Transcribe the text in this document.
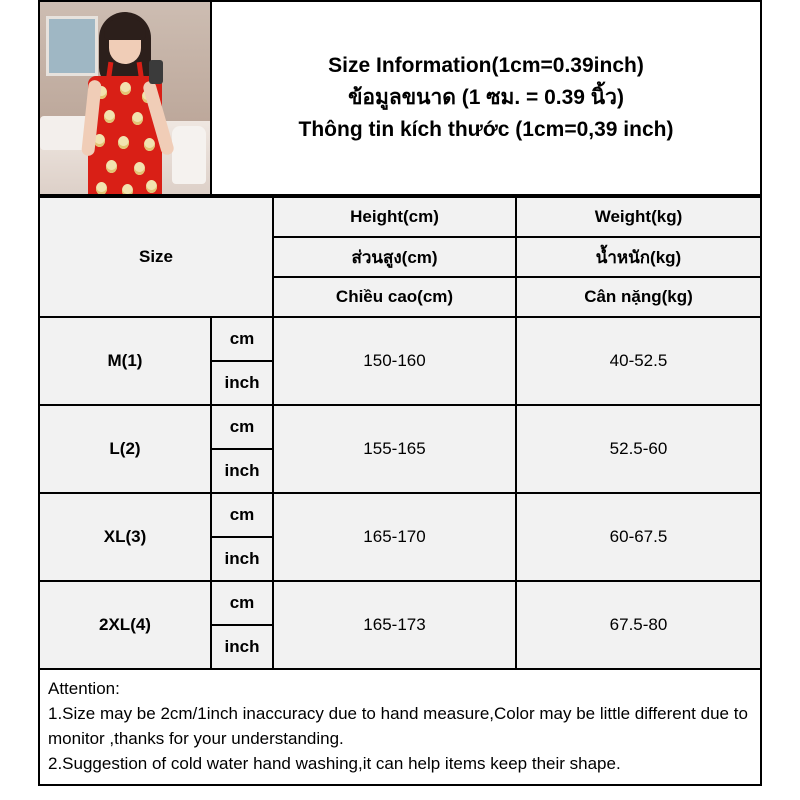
Size Information(1cm=0.39inch)
ข้อมูลขนาด (1 ซม. = 0.39 นิ้ว)
Thông tin kích thước (1cm=0,39 inch)
Size		Height(cm)	Weight(kg)
		ส่วนสูง(cm)	น้ำหนัก(kg)
		Chiều cao(cm)	Cân nặng(kg)
M(1)	cm	150-160	40-52.5
	inch		
L(2)	cm	155-165	52.5-60
	inch		
XL(3)	cm	165-170	60-67.5
	inch		
2XL(4)	cm	165-173	67.5-80
	inch		
Attention:
1.Size may be 2cm/1inch inaccuracy due to hand measure,Color may be little different due to monitor ,thanks for your understanding.
2.Suggestion of cold water hand washing,it can help items keep their shape.
